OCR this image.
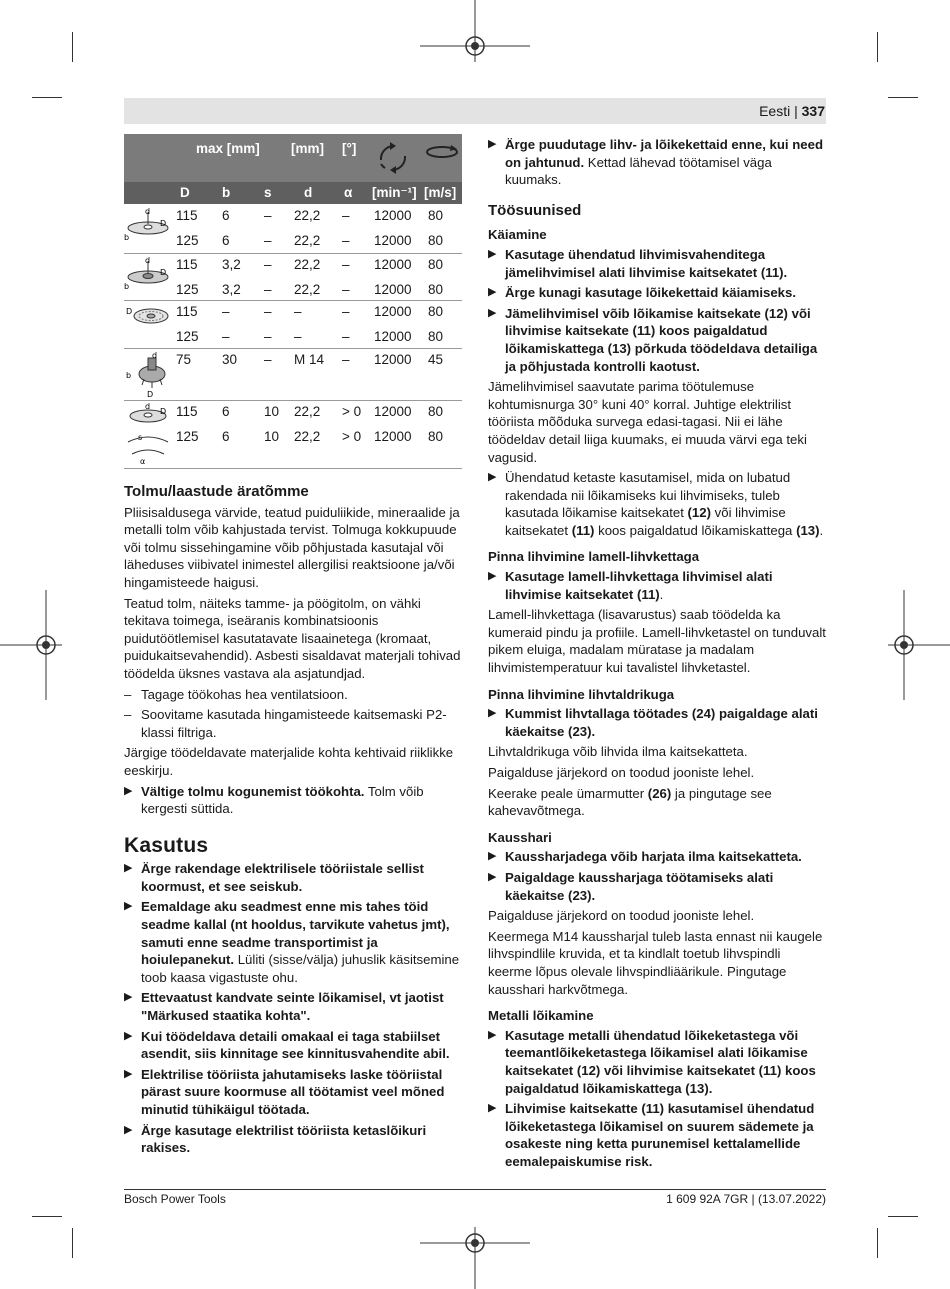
Eesti | 337
max [mm] [mm] [°]
D b	s d α [min⁻¹] [m/s]
d
D
b
d
D
b
D
d
b
D
d
D
s
α
115 6	– 22,2 – 12000 80
125 6	– 22,2 – 12000 80
115 3,2 – 22,2 – 12000 80
125 3,2 – 22,2 – 12000 80
115 –	– –	– 12000 80
125 –	– –	– 12000 80
75 30 – M 14 – 12000 45
115 6	10 22,2 > 0 12000 80
125 6	10 22,2 > 0 12000 80
Tolmu/laastude äratõmme

Pliisisaldusega värvide, teatud puiduliikide, mineraalide ja metalli tolm võib kahjustada tervist. Tolmuga kokkupuude või tolmu sissehingamine võib põhjustada kasutajal või läheduses viibivatel inimestel allergilisi reaktsioone ja/või hingamisteede haigusi.

Teatud tolm, näiteks tamme- ja pöögitolm, on vähki tekitava toimega, iseäranis kombinatsioonis puidutöötlemisel kasutatavate lisaainetega (kromaat, puidukaitsevahendid). Asbesti sisaldavat materjali tohivad töödelda üksnes vastava ala asjatundjad.

– Tagage töökohas hea ventilatsioon.
– Soovitame kasutada hingamisteede kaitsemaski P2-klassi filtriga.

Järgige töödeldavate materjalide kohta kehtivaid riiklikke eeskirju.

▶ Vältige tolmu kogunemist töökohta. Tolm võib kergesti süttida.
Kasutus
▶ Ärge rakendage elektrilisele tööriistale sellist koormust, et see seiskub.
▶ Eemaldage aku seadmest enne mis tahes töid seadme kallal (nt hooldus, tarvikute vahetus jmt), samuti enne seadme transportimist ja hoiulepanekut. Lüliti (sisse/välja) juhuslik käsitsemine toob kaasa vigastuste ohu.
▶ Ettevaatust kandvate seinte lõikamisel, vt jaotist "Märkused staatika kohta".
▶ Kui töödeldava detaili omakaal ei taga stabiilset asendit, siis kinnitage see kinnitusvahendite abil.
▶ Elektrilise tööriista jahutamiseks laske tööriistal pärast suure koormuse all töötamist veel mõned minutid tühikäigul töötada.
▶ Ärge kasutage elektrilist tööriista ketaslõikuri rakises.
▶ Ärge puudutage lihv- ja lõikekettaid enne, kui need on jahtunud. Kettad lähevad töötamisel väga kuumaks.
Töösuunised
Käiamine
▶ Kasutage ühendatud lihvimisvahenditega jämelihvimisel alati lihvimise kaitsekatet (11).
▶ Ärge kunagi kasutage lõikekettaid käiamiseks.
▶ Jämelihvimisel võib lõikamise kaitsekate (12) või lihvimise kaitsekate (11) koos paigaldatud lõikamiskattega (13) põrkuda töödeldava detailiga ja põhjustada kontrolli kaotust.

Jämelihvimisel saavutate parima töötulemuse kohtumisnurga 30° kuni 40° korral. Juhtige elektrilist tööriista mõõduka survega edasi-tagasi. Nii ei lähe töödeldav detail liiga kuumaks, ei muuda värvi ega teki vagusid.

▶ Ühendatud ketaste kasutamisel, mida on lubatud rakendada nii lõikamiseks kui lihvimiseks, tuleb kasutada lõikamise kaitsekatet (12) või lihvimise kaitsekatet (11) koos paigaldatud lõikamiskattega (13).
Pinna lihvimine lamell-lihvkettaga
▶ Kasutage lamell-lihvkettaga lihvimisel alati lihvimise kaitsekatet (11).

Lamell-lihvkettaga (lisavarustus) saab töödelda ka kumeraid pindu ja profiile. Lamell-lihvketastel on tunduvalt pikem eluiga, madalam müratase ja madalam lihvimistemperatuur kui tavalistel lihvketastel.

Pinna lihvimine lihvtaldrikuga
▶ Kummist lihvtallaga töötades (24) paigaldage alati käekaitse (23).

Lihvtaldrikuga võib lihvida ilma kaitsekatteta.

Paigalduse järjekord on toodud jooniste lehel.

Keerake peale ümarmutter (26) ja pingutage see kahevavõtmega.

Kausshari
▶ Kaussharjadega võib harjata ilma kaitsekatteta.
▶ Paigaldage kaussharjaga töötamiseks alati käekaitse (23).

Paigalduse järjekord on toodud jooniste lehel.

Keermega M14 kaussharjal tuleb lasta ennast nii kaugele lihvspindlile kruvida, et ta kindlalt toetub lihvspindli keerme lõpus olevale lihvspindliäärikule. Pingutage kausshari harkvõtmega.

Metalli lõikamine
▶ Kasutage metalli ühendatud lõikeketastega või teemantlõikeketastega lõikamisel alati lõikamise kaitsekatet (12) või lihvimise kaitsekatet (11) koos paigaldatud lõikamiskattega (13).
▶ Lihvimise kaitsekatte (11) kasutamisel ühendatud lõikeketastega lõikamisel on suurem sädemete ja osakeste ning ketta purunemisel kettalamellide eemalepaiskumise risk.
Bosch Power Tools	1 609 92A 7GR | (13.07.2022)
